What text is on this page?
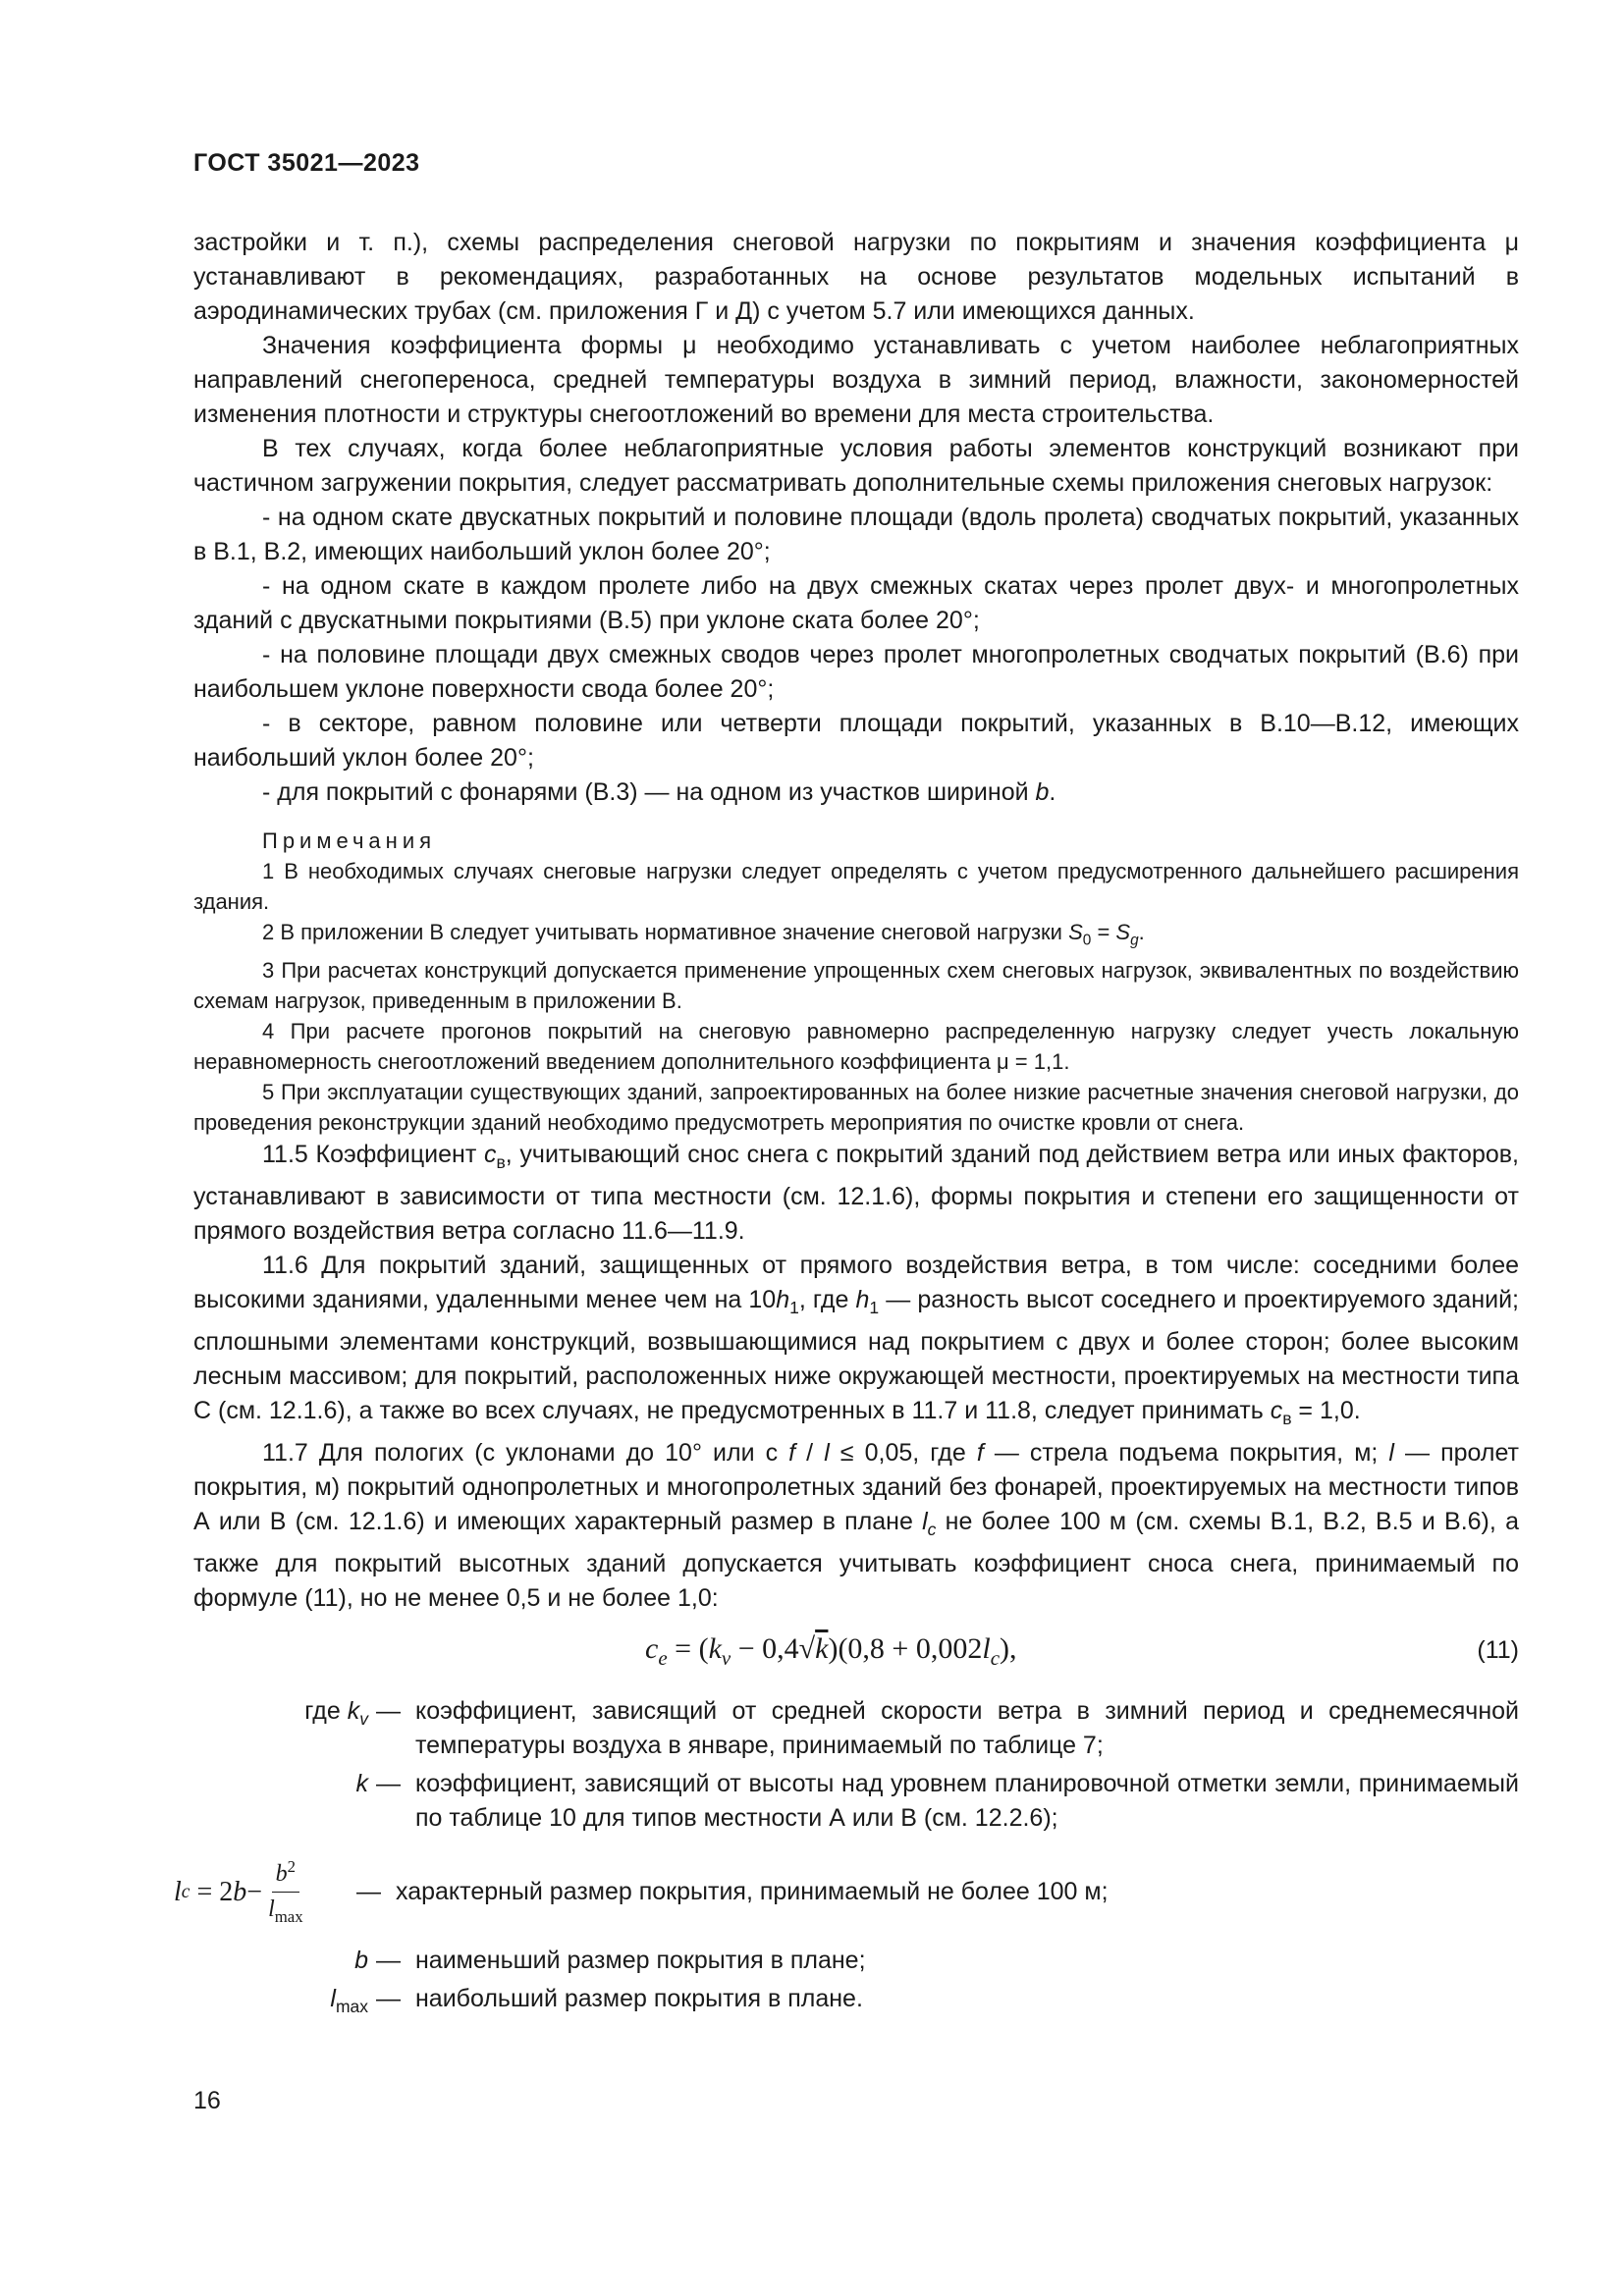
ГОСТ 35021—2023

застройки и т. п.), схемы распределения снеговой нагрузки по покрытиям и значения коэффициента μ устанавливают в рекомендациях, разработанных на основе результатов модельных испытаний в аэродинамических трубах (см. приложения Г и Д) с учетом 5.7 или имеющихся данных.

Значения коэффициента формы μ необходимо устанавливать с учетом наиболее неблагоприятных направлений снегопереноса, средней температуры воздуха в зимний период, влажности, закономерностей изменения плотности и структуры снегоотложений во времени для места строительства.

В тех случаях, когда более неблагоприятные условия работы элементов конструкций возникают при частичном загружении покрытия, следует рассматривать дополнительные схемы приложения снеговых нагрузок:

- на одном скате двускатных покрытий и половине площади (вдоль пролета) сводчатых покрытий, указанных в В.1, В.2, имеющих наибольший уклон более 20°;

- на одном скате в каждом пролете либо на двух смежных скатах через пролет двух- и многопролетных зданий с двускатными покрытиями (В.5) при уклоне ската более 20°;

- на половине площади двух смежных сводов через пролет многопролетных сводчатых покрытий (В.6) при наибольшем уклоне поверхности свода более 20°;

- в секторе, равном половине или четверти площади покрытий, указанных в В.10—В.12, имеющих наибольший уклон более 20°;

- для покрытий с фонарями (В.3) — на одном из участков шириной b.

Примечания

1 В необходимых случаях снеговые нагрузки следует определять с учетом предусмотренного дальнейшего расширения здания.

2 В приложении В следует учитывать нормативное значение снеговой нагрузки $S_0 = S_g$.

3 При расчетах конструкций допускается применение упрощенных схем снеговых нагрузок, эквивалентных по воздействию схемам нагрузок, приведенным в приложении В.

4 При расчете прогонов покрытий на снеговую равномерно распределенную нагрузку следует учесть локальную неравномерность снегоотложений введением дополнительного коэффициента μ = 1,1.

5 При эксплуатации существующих зданий, запроектированных на более низкие расчетные значения снеговой нагрузки, до проведения реконструкции зданий необходимо предусмотреть мероприятия по очистке кровли от снега.

11.5 Коэффициент $c_в$, учитывающий снос снега с покрытий зданий под действием ветра или иных факторов, устанавливают в зависимости от типа местности (см. 12.1.6), формы покрытия и степени его защищенности от прямого воздействия ветра согласно 11.6—11.9.

11.6 Для покрытий зданий, защищенных от прямого воздействия ветра, в том числе: соседними более высокими зданиями, удаленными менее чем на $10h_1$, где $h_1$ — разность высот соседнего и проектируемого зданий; сплошными элементами конструкций, возвышающимися над покрытием с двух и более сторон; более высоким лесным массивом; для покрытий, расположенных ниже окружающей местности, проектируемых на местности типа С (см. 12.1.6), а также во всех случаях, не предусмотренных в 11.7 и 11.8, следует принимать $c_в = 1,0$.

11.7 Для пологих (с уклонами до 10° или с f / l ≤ 0,05, где f — стрела подъема покрытия, м; l — пролет покрытия, м) покрытий однопролетных и многопролетных зданий без фонарей, проектируемых на местности типов А или В (см. 12.1.6) и имеющих характерный размер в плане $l_c$ не более 100 м (см. схемы В.1, В.2, В.5 и В.6), а также для покрытий высотных зданий допускается учитывать коэффициент сноса снега, принимаемый по формуле (11), но не менее 0,5 и не более 1,0:

$c_e = (k_v - 0,4√k)(0,8 + 0,002l_c)$,	(11)
где $k_v$ — коэффициент, зависящий от средней скорости ветра в зимний период и среднемесячной температуры воздуха в январе, принимаемый по таблице 7;
k — коэффициент, зависящий от высоты над уровнем планировочной отметки земли, принимаемый по таблице 10 для типов местности А или В (см. 12.2.6);
l c = 2 $b - \frac{b^2}{l_{max}}$ — характерный размер покрытия, принимаемый не более 100 м;
b — наименьший размер покрытия в плане;
$l_{max}$ — наибольший размер покрытия в плане.
16
